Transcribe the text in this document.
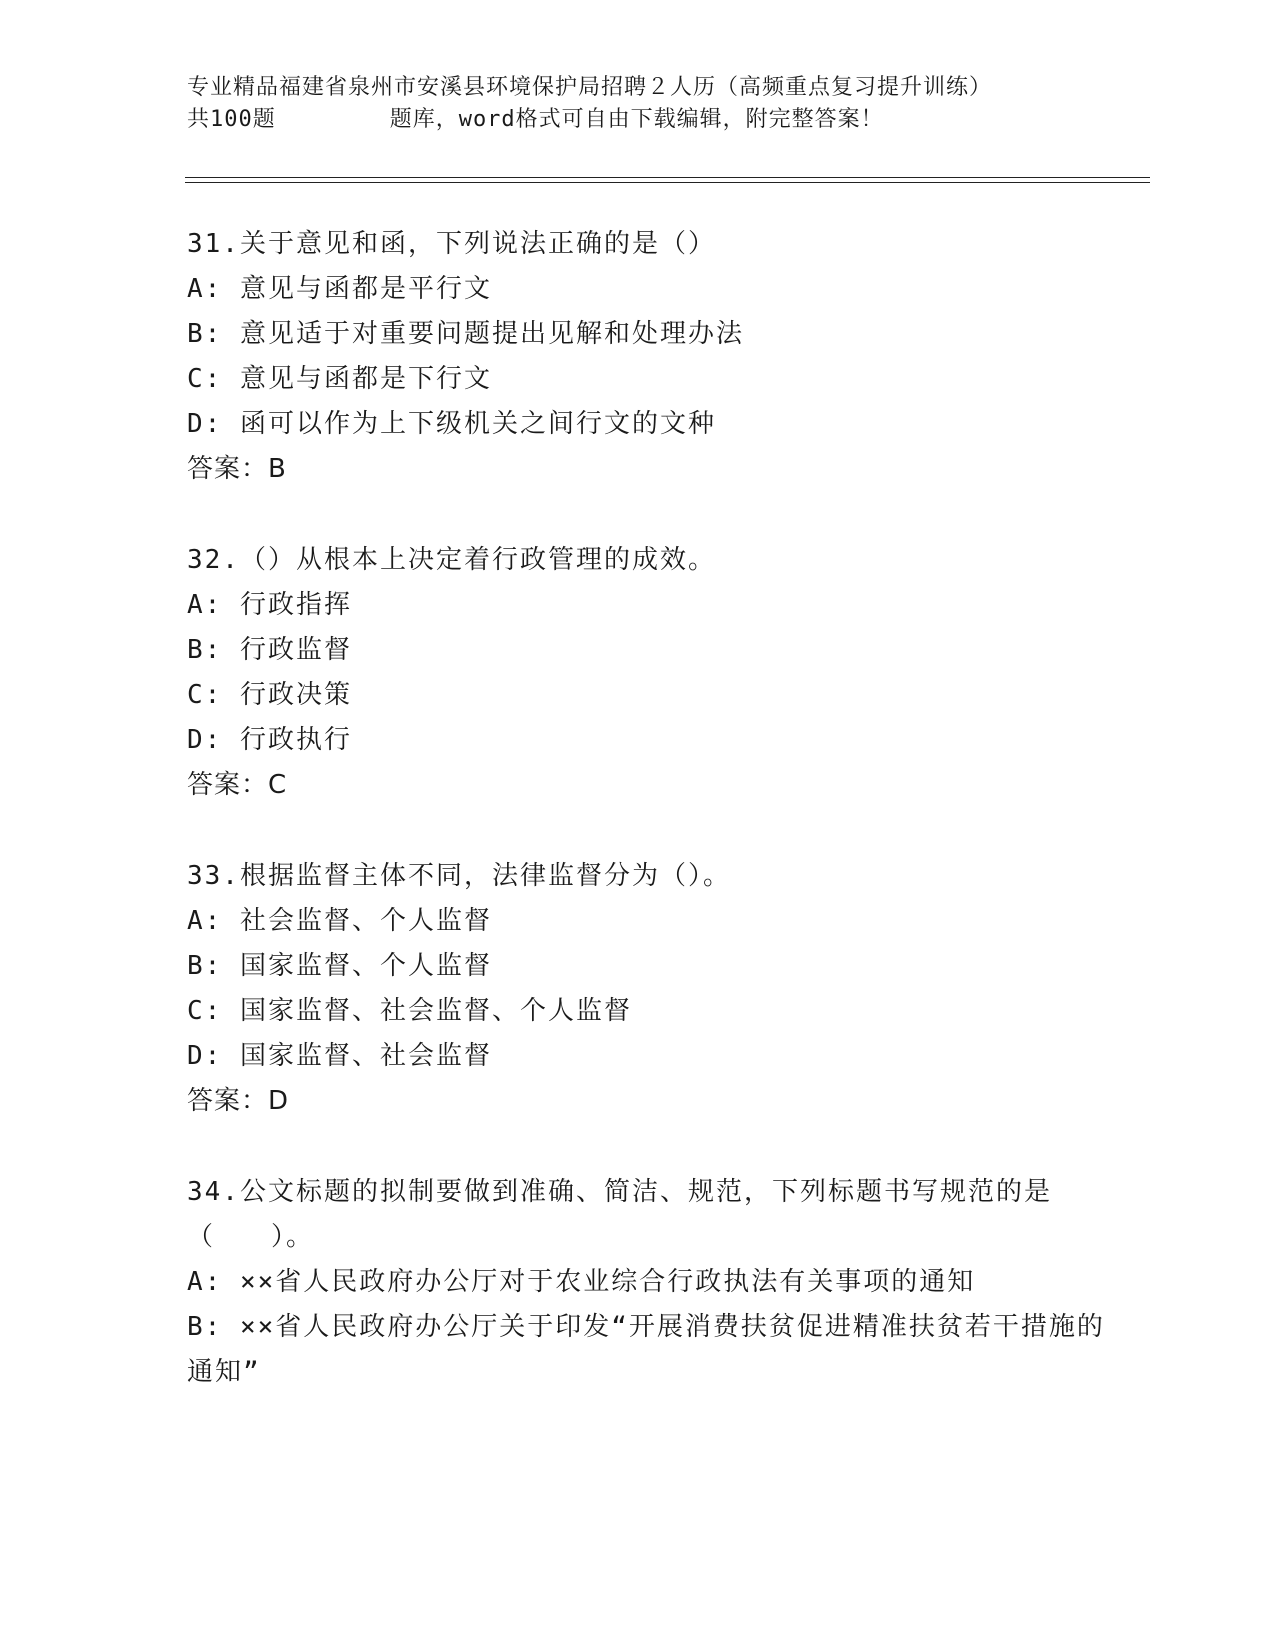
专业精品福建省泉州市安溪县环境保护局招聘２人历（高频重点复习提升训练）
共100题        题库，word格式可自由下载编辑，附完整答案！
31.关于意见和函，下列说法正确的是（）
A: 意见与函都是平行文
B: 意见适于对重要问题提出见解和处理办法
C: 意见与函都是下行文
D: 函可以作为上下级机关之间行文的文种
答案：B
32.（）从根本上决定着行政管理的成效。
A: 行政指挥
B: 行政监督
C: 行政决策
D: 行政执行
答案：C
33.根据监督主体不同，法律监督分为（）。
A: 社会监督、个人监督
B: 国家监督、个人监督
C: 国家监督、社会监督、个人监督
D: 国家监督、社会监督
答案：D
34.公文标题的拟制要做到准确、简洁、规范，下列标题书写规范的是（　　）。
A: ××省人民政府办公厅对于农业综合行政执法有关事项的通知
B: ××省人民政府办公厅关于印发“开展消费扶贫促进精准扶贫若干措施的通知”
